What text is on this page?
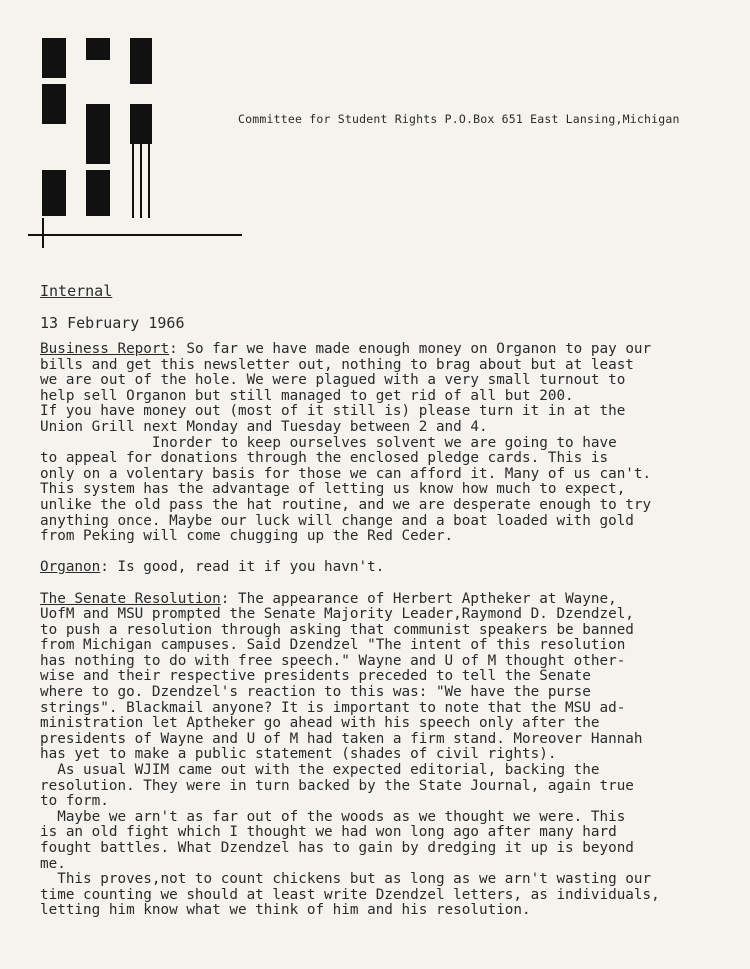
Committee for Student Rights P.O.Box 651 East Lansing,Michigan
Internal
13 February 1966
Business Report: So far we have made enough money on Organon to pay our
bills and get this newsletter out, nothing to brag about but at least
we are out of the hole. We were plagued with a very small turnout to
help sell Organon but still managed to get rid of all but 200.
If you have money out (most of it still is) please turn it in at the
Union Grill next Monday and Tuesday between 2 and 4.
Inorder to keep ourselves solvent we are going to have
to appeal for donations through the enclosed pledge cards. This is
only on a volentary basis for those we can afford it. Many of us can't.
This system has the advantage of letting us know how much to expect,
unlike the old pass the hat routine, and we are desperate enough to try
anything once. Maybe our luck will change and a boat loaded with gold
from Peking will come chugging up the Red Ceder.
Organon: Is good, read it if you havn't.
The Senate Resolution: The appearance of Herbert Aptheker at Wayne,
UofM and MSU prompted the Senate Majority Leader,Raymond D. Dzendzel,
to push a resolution through asking that communist speakers be banned
from Michigan campuses. Said Dzendzel "The intent of this resolution
has nothing to do with free speech." Wayne and U of M thought other-
wise and their respective presidents preceded to tell the Senate
where to go. Dzendzel's reaction to this was: "We have the purse
strings". Blackmail anyone? It is important to note that the MSU ad-
ministration let Aptheker go ahead with his speech only after the
presidents of Wayne and U of M had taken a firm stand. Moreover Hannah
has yet to make a public statement (shades of civil rights).
As usual WJIM came out with the expected editorial, backing the
resolution. They were in turn backed by the State Journal, again true
to form.
Maybe we arn't as far out of the woods as we thought we were. This
is an old fight which I thought we had won long ago after many hard
fought battles. What Dzendzel has to gain by dredging it up is beyond
me.
This proves,not to count chickens but as long as we arn't wasting our
time counting we should at least write Dzendzel letters, as individuals,
letting him know what we think of him and his resolution.
